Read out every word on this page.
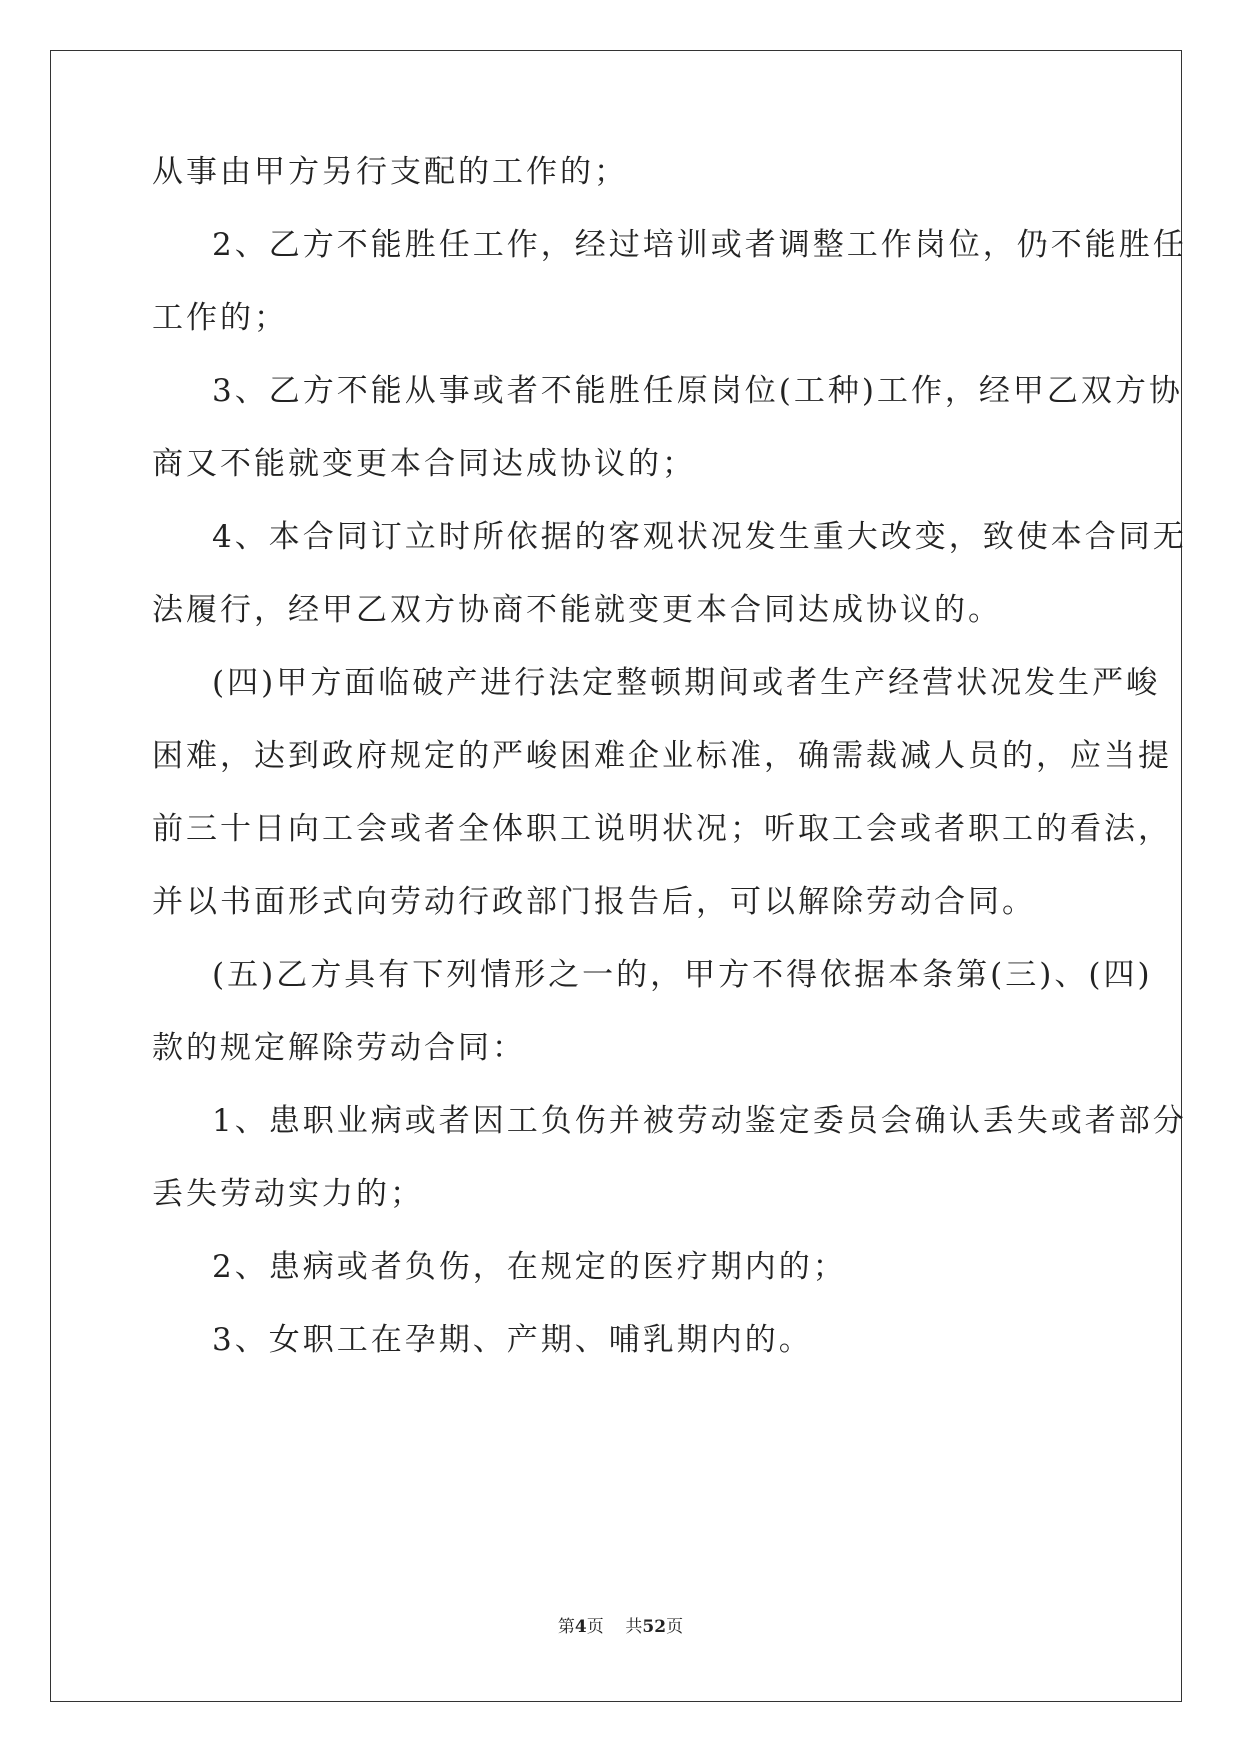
从事由甲方另行支配的工作的；
2、乙方不能胜任工作，经过培训或者调整工作岗位，仍不能胜任
工作的；
3、乙方不能从事或者不能胜任原岗位(工种)工作，经甲乙双方协
商又不能就变更本合同达成协议的；
4、本合同订立时所依据的客观状况发生重大改变，致使本合同无
法履行，经甲乙双方协商不能就变更本合同达成协议的。
(四)甲方面临破产进行法定整顿期间或者生产经营状况发生严峻
困难，达到政府规定的严峻困难企业标准，确需裁减人员的，应当提
前三十日向工会或者全体职工说明状况；听取工会或者职工的看法，
并以书面形式向劳动行政部门报告后，可以解除劳动合同。
(五)乙方具有下列情形之一的，甲方不得依据本条第(三)、(四)
款的规定解除劳动合同：
1、患职业病或者因工负伤并被劳动鉴定委员会确认丢失或者部分
丢失劳动实力的；
2、患病或者负伤，在规定的医疗期内的；
3、女职工在孕期、产期、哺乳期内的。
第4页 共52页
